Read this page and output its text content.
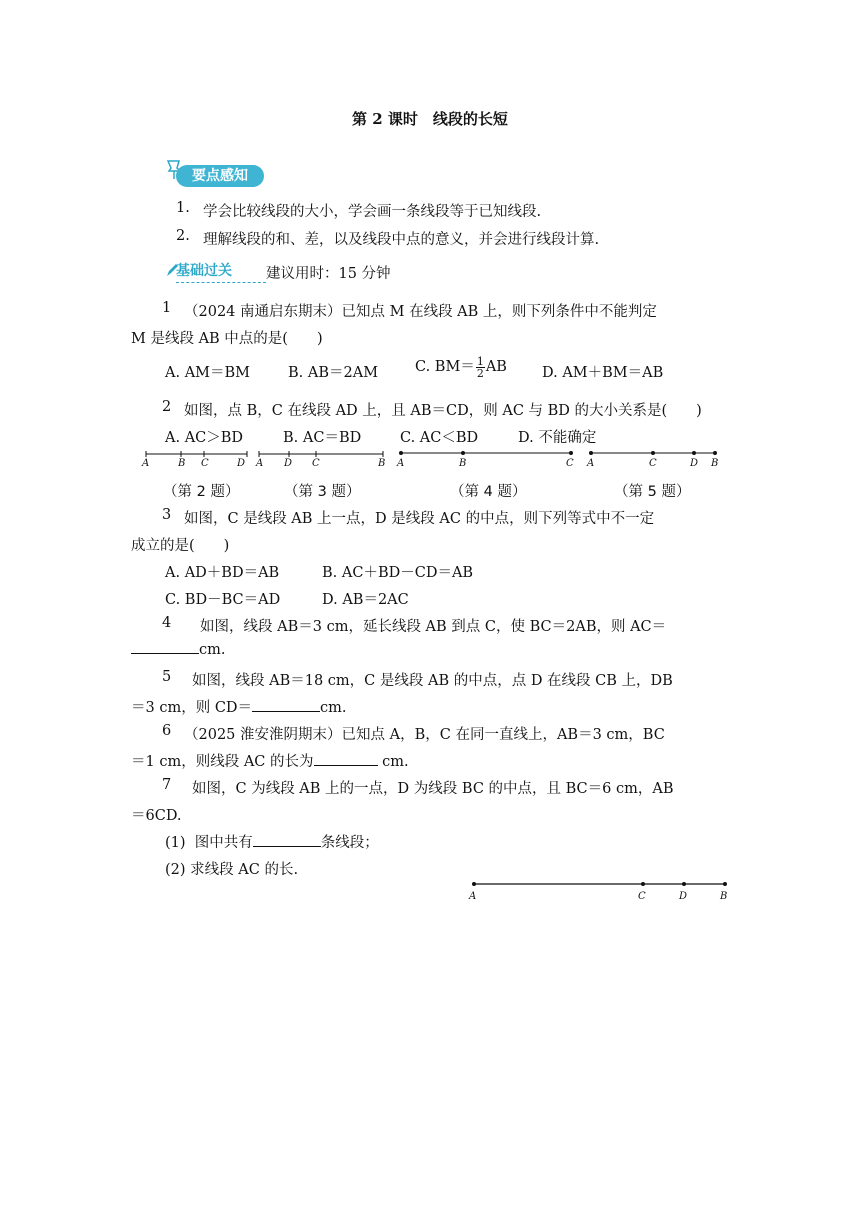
第 2 课时　线段的长短
要点感知
1. 学会比较线段的大小，学会画一条线段等于已知线段.
2. 理解线段的和、差，以及线段中点的意义，并会进行线段计算.
基础过关 建议用时：15 分钟
1 （2024 南通启东期末）已知点 M 在线段 AB 上，则下列条件中不能判定
M 是线段 AB 中点的是(　　)
A. AM＝BM	B. AB＝2AM	C. $BM= \frac{1}{2}$ AB D. AM＋BM＝AB
2 如图，点 B，C 在线段 AD 上，且 AB＝CD，则 AC 与 BD 的大小关系是(　　)
A. AC＞BD	B. AC＝BD	C. AC＜BD	D. 不能确定
A	B C	D A D C	B A	B	C A	C	D B
（第 2 题）	（第 3 题）	（第 4 题）	（第 5 题）
3 如图，C 是线段 AB 上一点，D 是线段 AC 的中点，则下列等式中不一定
成立的是(　　)
A. AD＋BD＝AB	B. AC＋BD－CD＝AB
C. BD－BC＝AD	D. AB＝2AC
4 如图，线段 AB＝3 cm，延长线段 AB 到点 C，使 BC＝2AB，则 AC＝
cm.
5 如图，线段 AB＝18 cm，C 是线段 AB 的中点，点 D 在线段 CB 上，DB
＝3 cm，则 CD＝	cm.
6 （2025 淮安淮阴期末）已知点 A，B，C 在同一直线上，AB＝3 cm，BC
＝1 cm，则线段 AC 的长为	cm.
7 如图，C 为线段 AB 上的一点，D 为线段 BC 的中点，且 BC＝6 cm，AB
＝6CD.
(1) 图中共有	条线段；
(2) 求线段 AC 的长.
A	C	D	B
